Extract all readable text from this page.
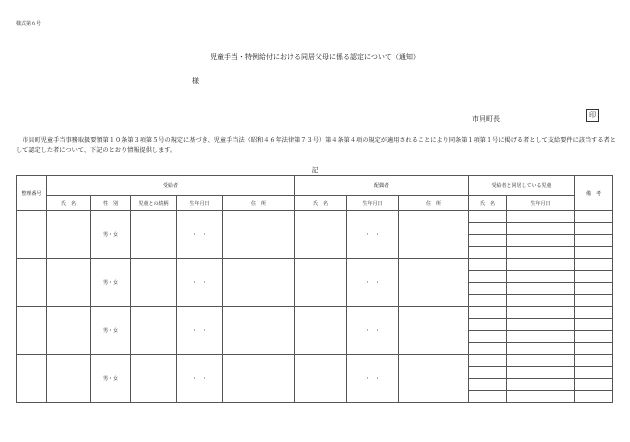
様式第６号
児童手当・特例給付における同居父母に係る認定について（通知）
様
市貝町長	印
　市貝町児童手当事務取扱要領第１０条第３項第５号の規定に基づき、児童手当法（昭和４６年法律第７３号）第４条第４項の規定が適用されることにより同条第１項第１号に掲げる者として支給要件に該当する者として認定した者について、下記のとおり情報提供します。
記
整理番号	受給者					配偶者			受給者と同居している児童		備　考
	氏　名	性　別	児童との続柄	生年月日	住　所	氏　名	生年月日	住　所	氏　名	生年月日	
		男・女		・　・			・　・				

		男・女		・　・			・　・				

		男・女		・　・			・　・				

		男・女		・　・			・　・				
